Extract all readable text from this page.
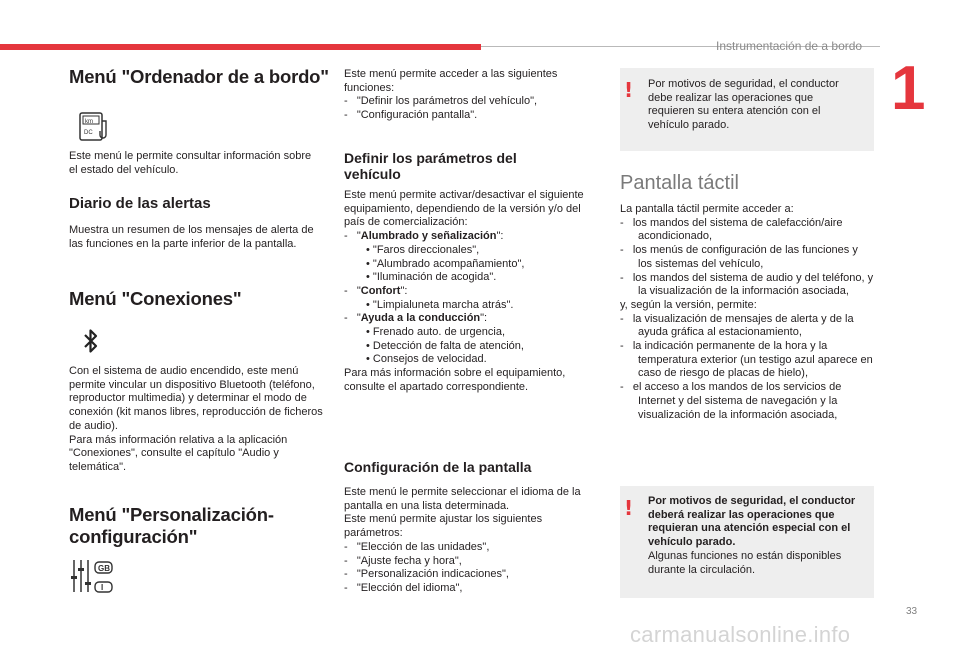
Instrumentación de a bordo
1
33
carmanualsonline.info
Menú "Ordenador de a bordo"
km
DC
Este menú le permite consultar información sobre el estado del vehículo.
Diario de las alertas
Muestra un resumen de los mensajes de alerta de las funciones en la parte inferior de la pantalla.
Menú "Conexiones"
Con el sistema de audio encendido, este menú permite vincular un dispositivo Bluetooth (teléfono, reproductor multimedia) y determinar el modo de conexión (kit manos libres, reproducción de ficheros de audio).
Para más información relativa a la aplicación "Conexiones", consulte el capítulo "Audio y telemática".
Menú "Personalización-
configuración"
GB
I
Este menú permite acceder a las siguientes funciones:
-   "Definir los parámetros del vehículo",
-   "Configuración pantalla".
Definir los parámetros del
vehículo
Este menú permite activar/desactivar el siguiente equipamiento, dependiendo de la versión y/o del país de comercialización:
-   "Alumbrado y señalización":
• "Faros direccionales",
• "Alumbrado acompañamiento",
• "Iluminación de acogida".
-   "Confort":
• "Limpialuneta marcha atrás".
-   "Ayuda a la conducción":
• Frenado auto. de urgencia,
• Detección de falta de atención,
• Consejos de velocidad.
Para más información sobre el equipamiento, consulte el apartado correspondiente.
Configuración de la pantalla
Este menú le permite seleccionar el idioma de la pantalla en una lista determinada.
Este menú permite ajustar los siguientes parámetros:
-   "Elección de las unidades",
-   "Ajuste fecha y hora",
-   "Personalización indicaciones",
-   "Elección del idioma",
! Por motivos de seguridad, el conductor debe realizar las operaciones que requieren su entera atención con el vehículo parado.
Pantalla táctil
La pantalla táctil permite acceder a:
-   los mandos del sistema de calefacción/aire acondicionado,
-   los menús de configuración de las funciones y los sistemas del vehículo,
-   los mandos del sistema de audio y del teléfono, y la visualización de la información asociada,
y, según la versión, permite:
-   la visualización de mensajes de alerta y de la ayuda gráfica al estacionamiento,
-   la indicación permanente de la hora y la temperatura exterior (un testigo azul aparece en caso de riesgo de placas de hielo),
-   el acceso a los mandos de los servicios de Internet y del sistema de navegación y la visualización de la información asociada,
! Por motivos de seguridad, el conductor deberá realizar las operaciones que requieran una atención especial con el vehículo parado.
Algunas funciones no están disponibles durante la circulación.
